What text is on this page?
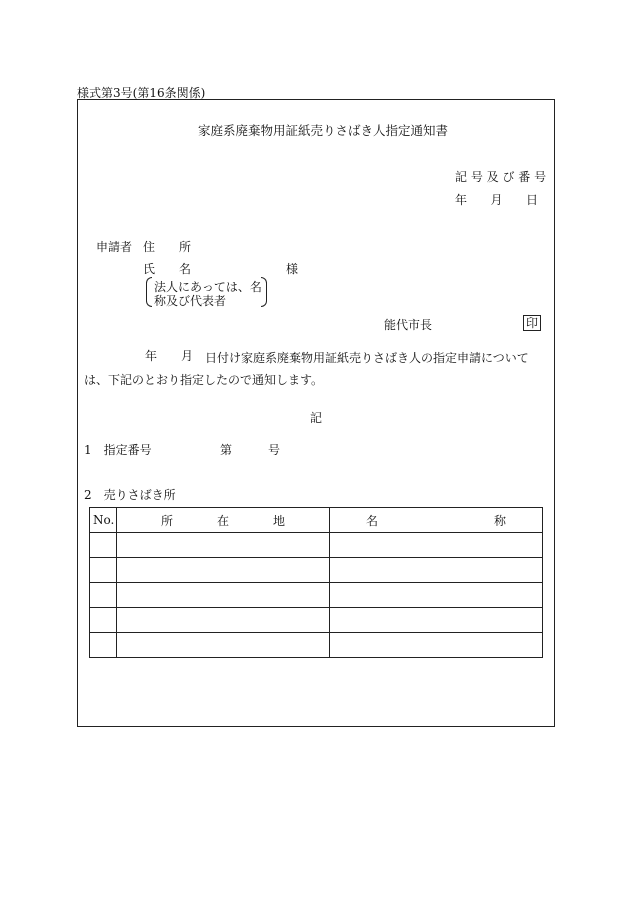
様式第3号(第16条関係)
家庭系廃棄物用証紙売りさばき人指定通知書
記 号 及 び 番 号
年 月 日
申請者 住　　所
氏　　名	様
法人にあっては、名
称及び代表者
能代市長	印
年 月 日付け家庭系廃棄物用証紙売りさばき人の指定申請については、下記のとおり指定したので通知します。
記
1　指定番号	第	号
2　売りさばき所
No.	所 在 地	名 称
